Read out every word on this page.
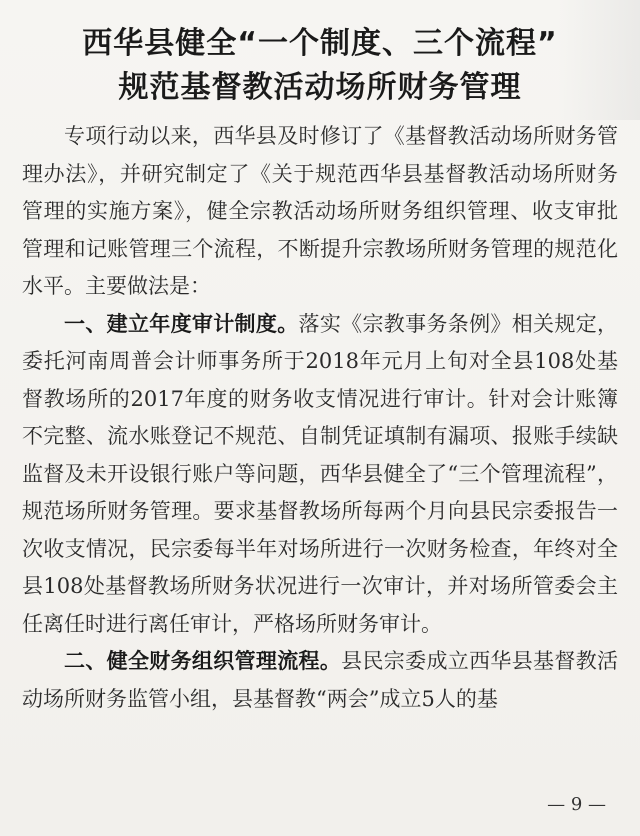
西华县健全“一个制度、三个流程”
规范基督教活动场所财务管理

专项行动以来，西华县及时修订了《基督教活动场所财务管理办法》，并研究制定了《关于规范西华县基督教活动场所财务管理的实施方案》，健全宗教活动场所财务组织管理、收支审批管理和记账管理三个流程，不断提升宗教场所财务管理的规范化水平。主要做法是：

一、建立年度审计制度。落实《宗教事务条例》相关规定，委托河南周普会计师事务所于2018年元月上旬对全县108处基督教场所的2017年度的财务收支情况进行审计。针对会计账簿不完整、流水账登记不规范、自制凭证填制有漏项、报账手续缺监督及未开设银行账户等问题，西华县健全了“三个管理流程”，规范场所财务管理。要求基督教场所每两个月向县民宗委报告一次收支情况，民宗委每半年对场所进行一次财务检查，年终对全县108处基督教场所财务状况进行一次审计，并对场所管委会主任离任时进行离任审计，严格场所财务审计。

二、健全财务组织管理流程。县民宗委成立西华县基督教活动场所财务监管小组，县基督教“两会”成立5人的基

— 9 —
